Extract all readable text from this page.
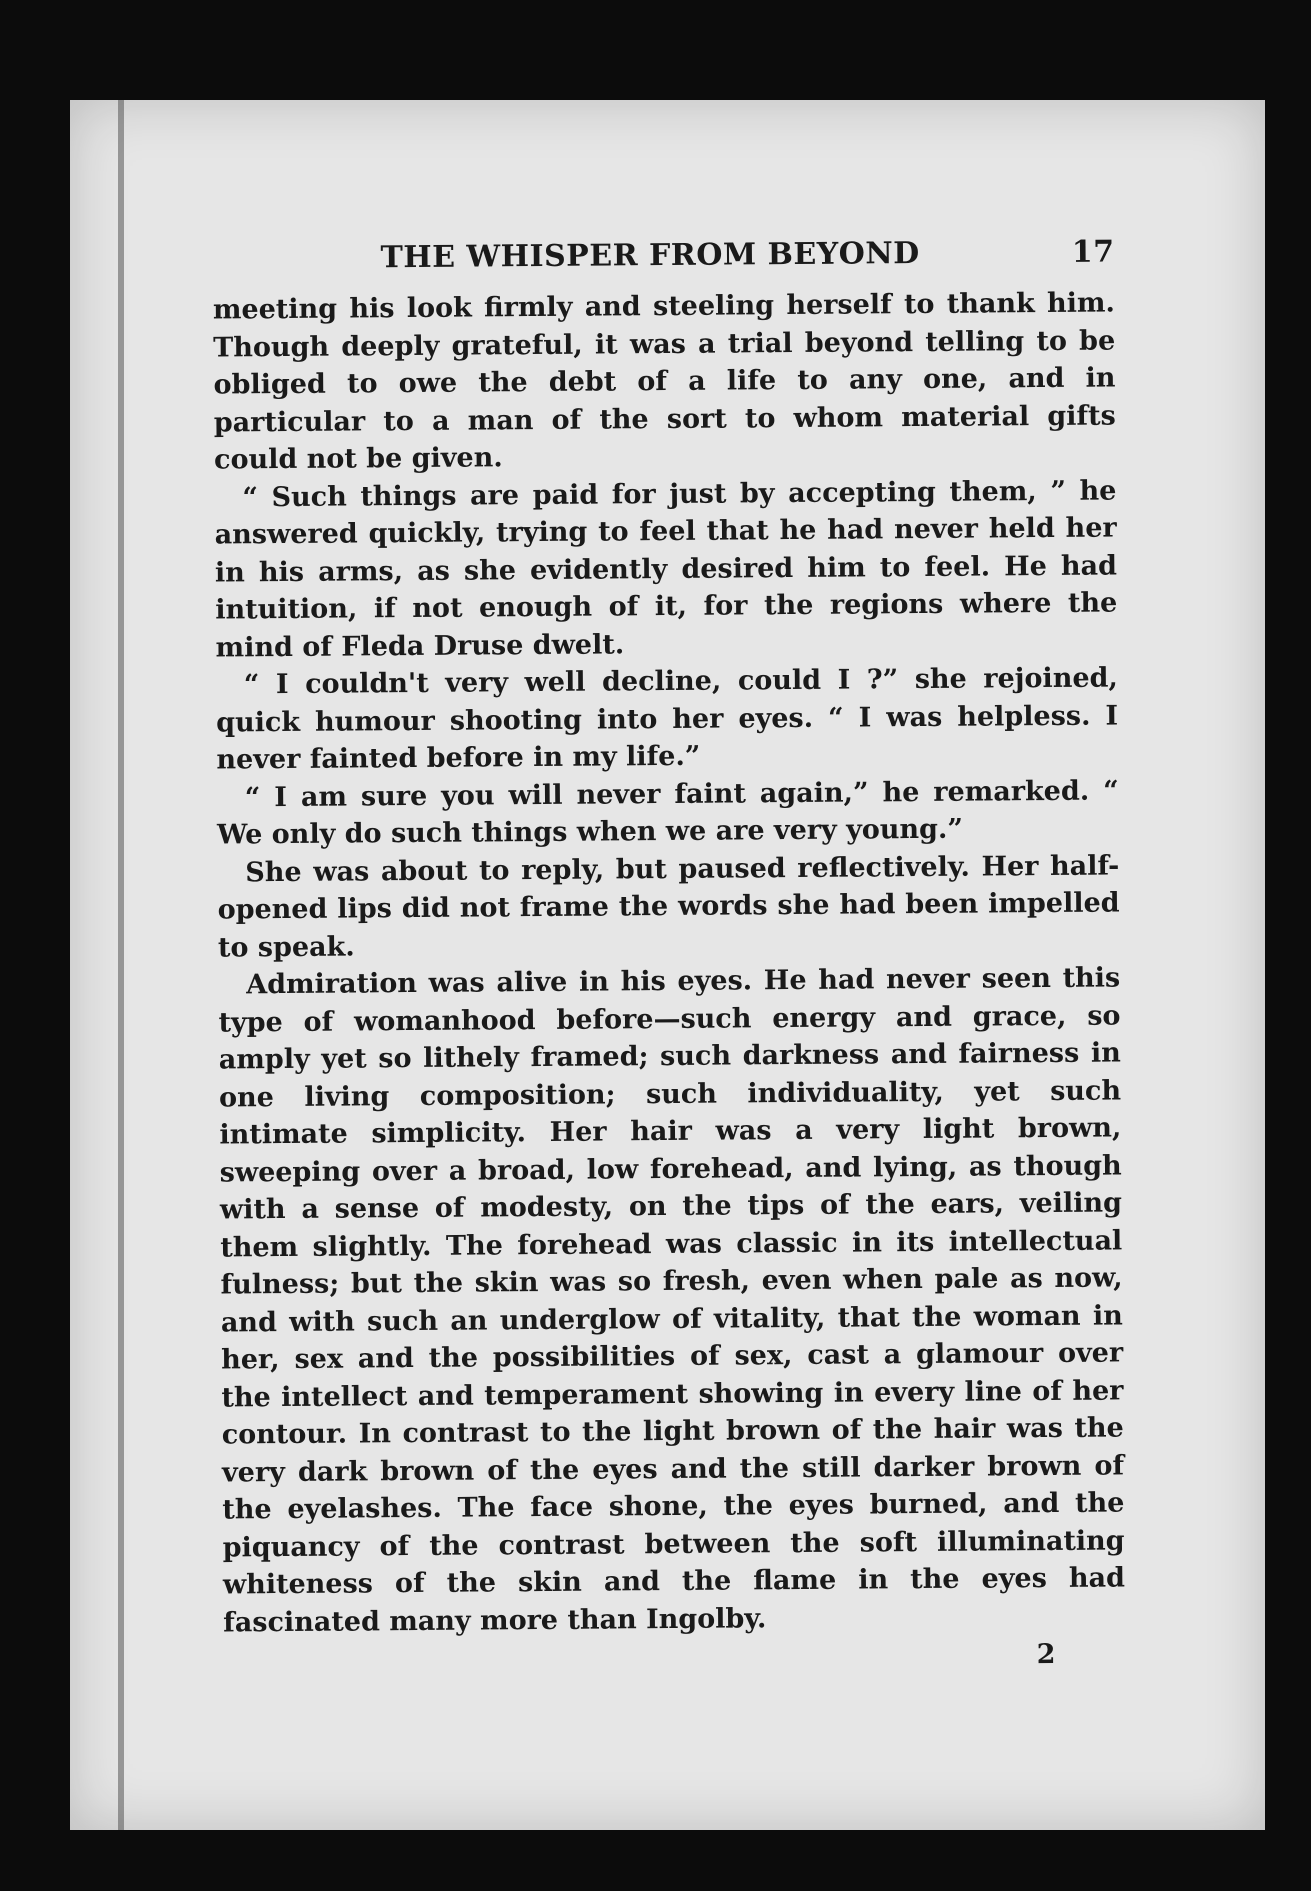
THE WHISPER FROM BEYOND	17

meeting his look firmly and steeling herself to thank him. Though deeply grateful, it was a trial beyond telling to be obliged to owe the debt of a life to any one, and in particular to a man of the sort to whom material gifts could not be given.

“ Such things are paid for just by accepting them, ” he answered quickly, trying to feel that he had never held her in his arms, as she evidently desired him to feel. He had intuition, if not enough of it, for the regions where the mind of Fleda Druse dwelt.

“ I couldn't very well decline, could I ?” she rejoined, quick humour shooting into her eyes. “ I was helpless. I never fainted before in my life.”

“ I am sure you will never faint again,” he remarked. “ We only do such things when we are very young.”

She was about to reply, but paused reflectively. Her half-opened lips did not frame the words she had been impelled to speak.

Admiration was alive in his eyes. He had never seen this type of womanhood before—such energy and grace, so amply yet so lithely framed; such darkness and fairness in one living composition; such individuality, yet such intimate simplicity. Her hair was a very light brown, sweeping over a broad, low forehead, and lying, as though with a sense of modesty, on the tips of the ears, veiling them slightly. The forehead was classic in its intellectual fulness; but the skin was so fresh, even when pale as now, and with such an underglow of vitality, that the woman in her, sex and the possibilities of sex, cast a glamour over the intellect and temperament showing in every line of her contour. In contrast to the light brown of the hair was the very dark brown of the eyes and the still darker brown of the eyelashes. The face shone, the eyes burned, and the piquancy of the contrast between the soft illuminating whiteness of the skin and the flame in the eyes had fascinated many more than Ingolby.

2
